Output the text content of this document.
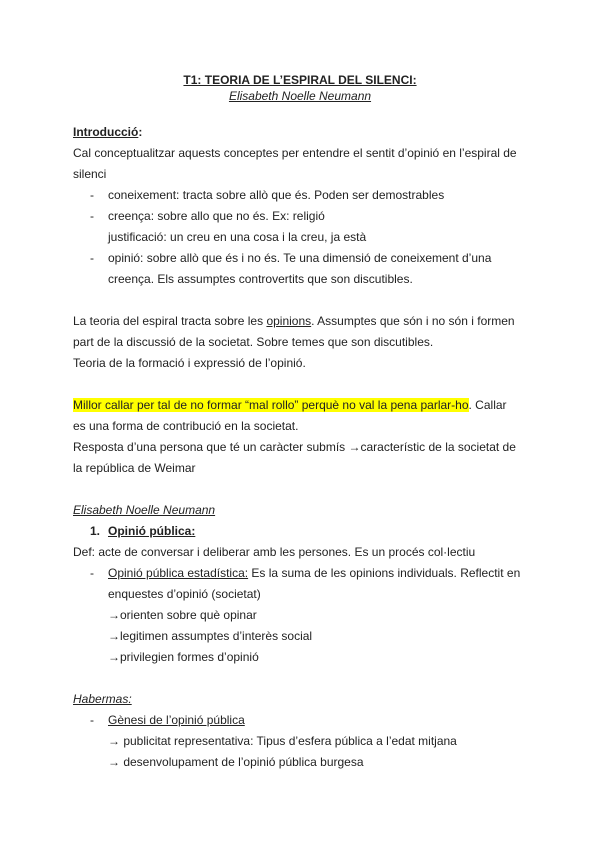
T1: TEORIA DE L’ESPIRAL DEL SILENCI:
Elisabeth Noelle Neumann
Introducció:
Cal conceptualitzar aquests conceptes per entendre el sentit d’opinió en l’espiral de
silenci
- coneixement: tracta sobre allò que és. Poden ser demostrables
- creença: sobre allo que no és. Ex: religió
justificació: un creu en una cosa i la creu, ja està
- opinió: sobre allò que és i no és. Te una dimensió de coneixement d’una
creença. Els assumptes controvertits que son discutibles.
La teoria del espiral tracta sobre les opinions. Assumptes que són i no són i formen
part de la discussió de la societat. Sobre temes que son discutibles.
Teoria de la formació i expressió de l’opinió.
Millor callar per tal de no formar “mal rollo” perquè no val la pena parlar-ho. Callar
es una forma de contribució en la societat.
Resposta d’una persona que té un caràcter submís →característic de la societat de
la república de Weimar
Elisabeth Noelle Neumann
1. Opinió pública:
Def: acte de conversar i deliberar amb les persones. Es un procés col·lectiu
- Opinió pública estadística: Es la suma de les opinions individuals. Reflectit en
enquestes d’opinió (societat)
→orienten sobre què opinar
→legitimen assumptes d’interès social
→privilegien formes d’opinió
Habermas:
- Gènesi de l’opinió pública
→ publicitat representativa: Tipus d’esfera pública a l’edat mitjana
→ desenvolupament de l’opinió pública burgesa
